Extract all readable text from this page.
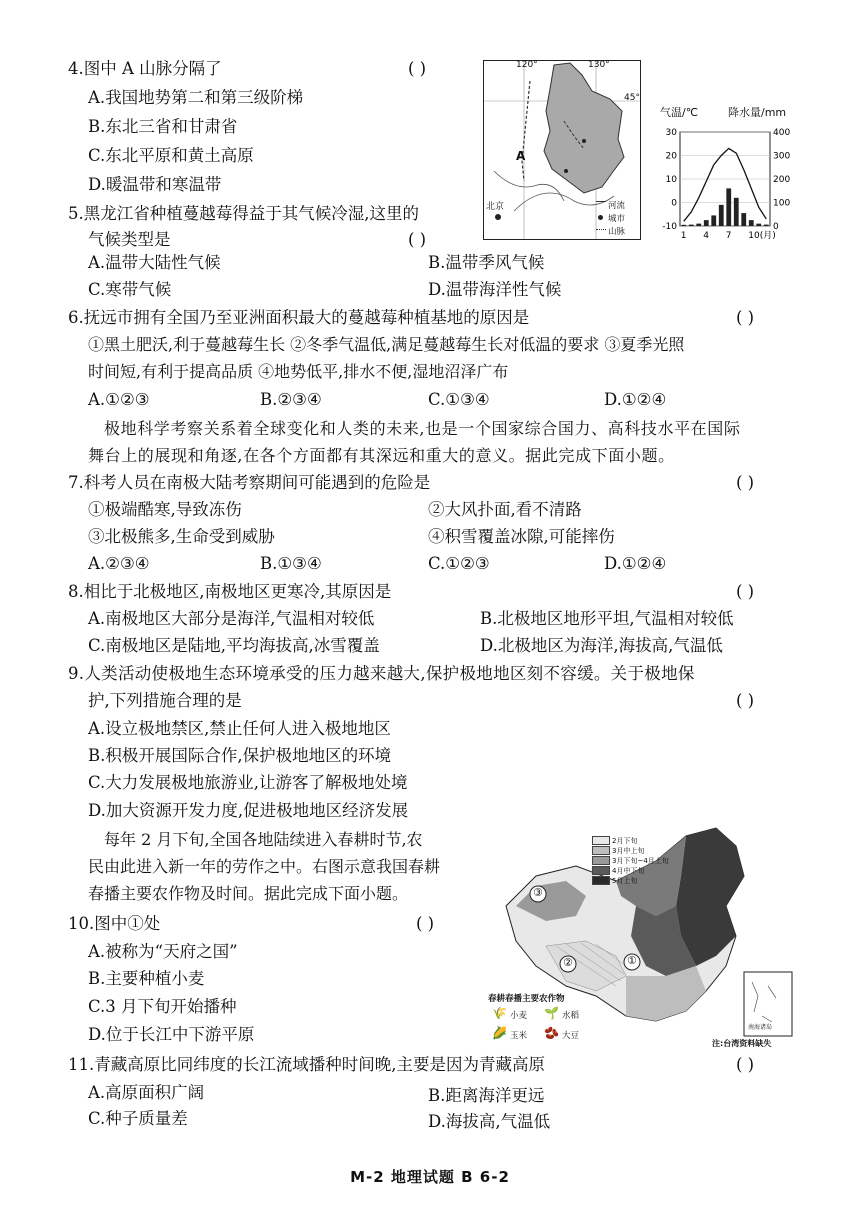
4.图中 A 山脉分隔了	( )
A.我国地势第二和第三级阶梯
B.东北三省和甘肃省
C.东北平原和黄土高原
D.暖温带和寒温带
120°	130°
45°
A
北京	河流
城市
山脉
气温/℃	降水量/mm
30
20
10
0
-10
400
300
200
100
0
1 4 7 10(月)
5.黑龙江省种植蔓越莓得益于其气候冷湿,这里的
气候类型是	( )
A.温带大陆性气候	B.温带季风气候
C.寒带气候	D.温带海洋性气候
6.抚远市拥有全国乃至亚洲面积最大的蔓越莓种植基地的原因是	( )
①黑土肥沃,利于蔓越莓生长 ②冬季气温低,满足蔓越莓生长对低温的要求 ③夏季光照
时间短,有利于提高品质 ④地势低平,排水不便,湿地沼泽广布
A.①②③	B.②③④	C.①③④	D.①②④
极地科学考察关系着全球变化和人类的未来,也是一个国家综合国力、高科技水平在国际
舞台上的展现和角逐,在各个方面都有其深远和重大的意义。据此完成下面小题。
7.科考人员在南极大陆考察期间可能遇到的危险是	( )
①极端酷寒,导致冻伤	②大风扑面,看不清路
③北极熊多,生命受到威胁	④积雪覆盖冰隙,可能摔伤
A.②③④	B.①③④	C.①②③	D.①②④
8.相比于北极地区,南极地区更寒冷,其原因是	( )
A.南极地区大部分是海洋,气温相对较低	B.北极地区地形平坦,气温相对较低
C.南极地区是陆地,平均海拔高,冰雪覆盖	D.北极地区为海洋,海拔高,气温低
9.人类活动使极地生态环境承受的压力越来越大,保护极地地区刻不容缓。关于极地保
护,下列措施合理的是	( )
A.设立极地禁区,禁止任何人进入极地地区
B.积极开展国际合作,保护极地地区的环境
C.大力发展极地旅游业,让游客了解极地处境
D.加大资源开发力度,促进极地地区经济发展
每年 2 月下旬,全国各地陆续进入春耕时节,农
民由此进入新一年的劳作之中。右图示意我国春耕
春播主要农作物及时间。据此完成下面小题。	③
②	①
$^{2月下旬}$
$^{3月中上旬}$
$^{3月下旬\sim 4月上旬}$
$^{4月中下旬}$
$^{5月上旬}$
春耕春播主要农作物
🌾 小麦 🌱 水稻
🌽 玉米 🫘 大豆
南海诸岛
注:台湾资料缺失
10.图中①处	( )
A.被称为“天府之国”
B.主要种植小麦
C.3 月下旬开始播种
D.位于长江中下游平原
11.青藏高原比同纬度的长江流域播种时间晚,主要是因为青藏高原	( )
A.高原面积广阔	B.距离海洋更远
C.种子质量差	D.海拔高,气温低
M-2 地理试题 B 6-2
